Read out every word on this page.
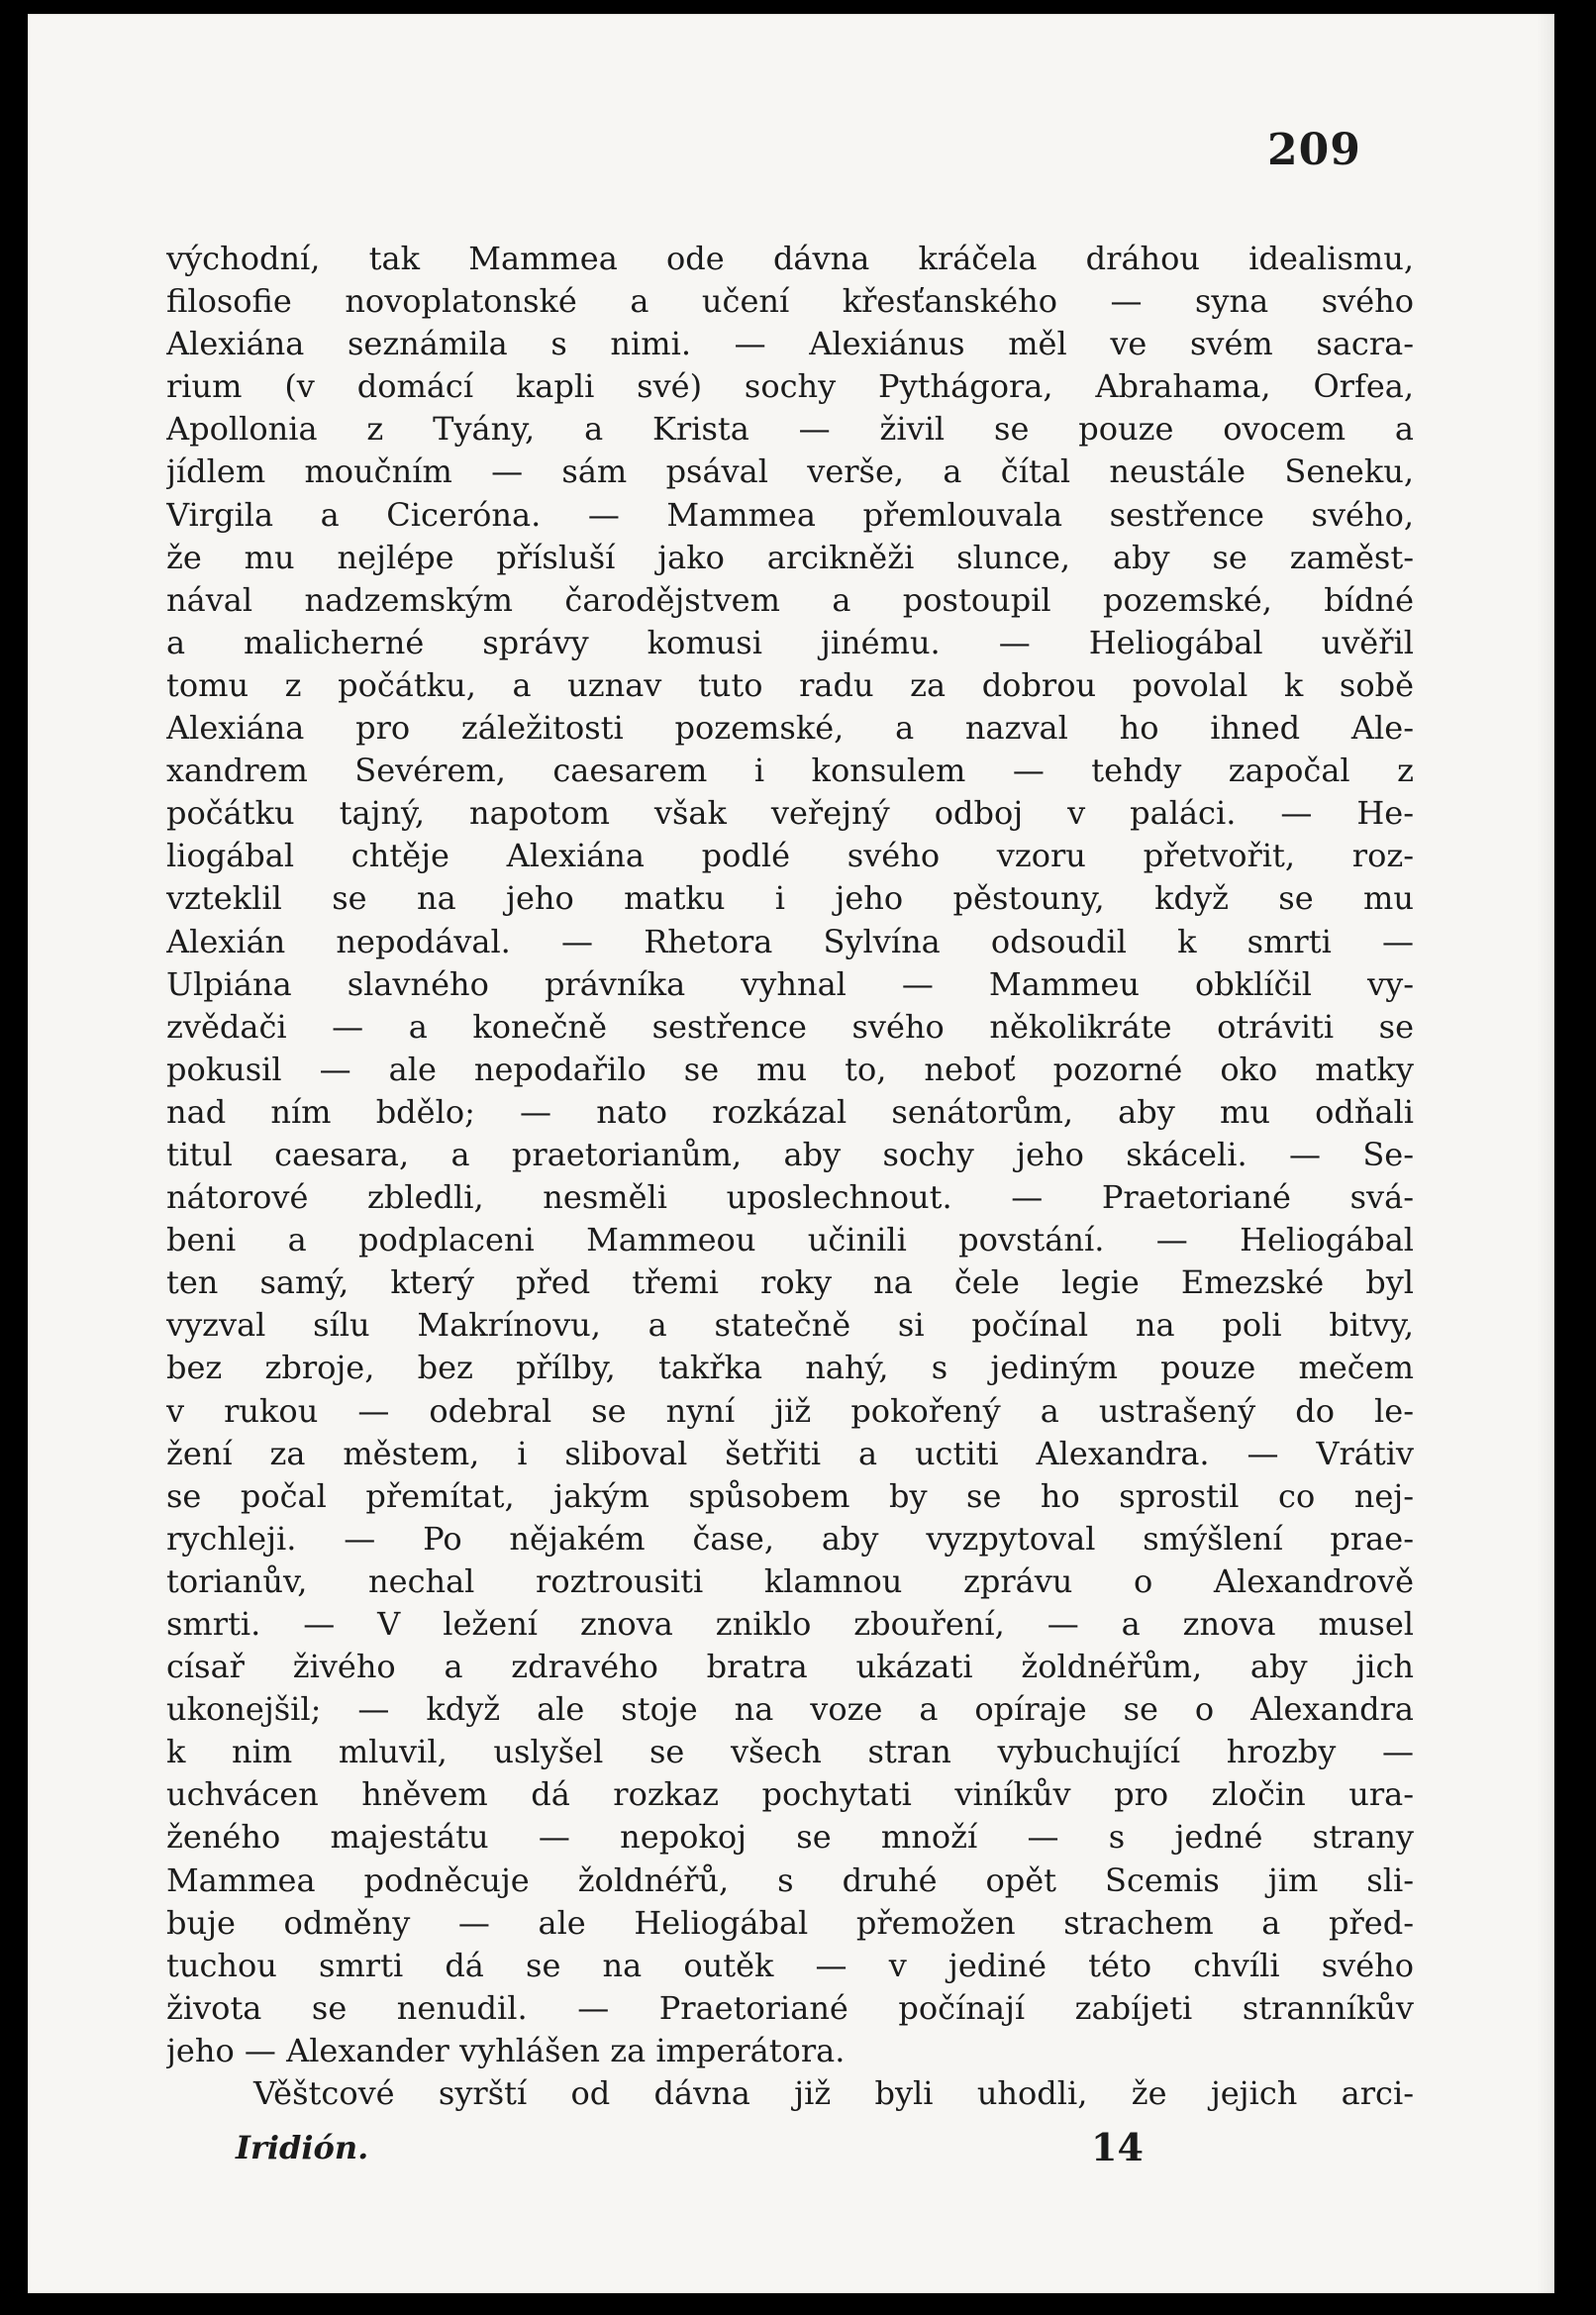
209
východní, tak Mammea ode dávna kráčela dráhou idealismu,
filosofie novoplatonské a učení křesťanského — syna svého
Alexiána seznámila s nimi. — Alexiánus měl ve svém sacra-
rium (v domácí kapli své) sochy Pythágora, Abrahama, Orfea,
Apollonia z Tyány, a Krista — živil se pouze ovocem a
jídlem moučním — sám psával verše, a čítal neustále Seneku,
Virgila a Ciceróna. — Mammea přemlouvala sestřence svého,
že mu nejlépe přísluší jako arcikněži slunce, aby se zaměst-
nával nadzemským čarodějstvem a postoupil pozemské, bídné
a malicherné správy komusi jinému. — Heliogábal uvěřil
tomu z počátku, a uznav tuto radu za dobrou povolal k sobě
Alexiána pro záležitosti pozemské, a nazval ho ihned Ale-
xandrem Sevérem, caesarem i konsulem — tehdy započal z
počátku tajný, napotom však veřejný odboj v paláci. — He-
liogábal chtěje Alexiána podlé svého vzoru přetvořit, roz-
vzteklil se na jeho matku i jeho pěstouny, když se mu
Alexián nepodával. — Rhetora Sylvína odsoudil k smrti —
Ulpiána slavného právníka vyhnal — Mammeu obklíčil vy-
zvědači — a konečně sestřence svého několikráte otráviti se
pokusil — ale nepodařilo se mu to, neboť pozorné oko matky
nad ním bdělo; — nato rozkázal senátorům, aby mu odňali
titul caesara, a praetorianům, aby sochy jeho skáceli. — Se-
nátorové zbledli, nesměli uposlechnout. — Praetoriané svá-
beni a podplaceni Mammeou učinili povstání. — Heliogábal
ten samý, který před třemi roky na čele legie Emezské byl
vyzval sílu Makrínovu, a statečně si počínal na poli bitvy,
bez zbroje, bez přílby, takřka nahý, s jediným pouze mečem
v rukou — odebral se nyní již pokořený a ustrašený do le-
žení za městem, i sliboval šetřiti a uctiti Alexandra. — Vrátiv
se počal přemítat, jakým spůsobem by se ho sprostil co nej-
rychleji. — Po nějakém čase, aby vyzpytoval smýšlení prae-
torianův, nechal roztrousiti klamnou zprávu o Alexandrově
smrti. — V ležení znova zniklo zbouření, — a znova musel
císař živého a zdravého bratra ukázati žoldnéřům, aby jich
ukonejšil; — když ale stoje na voze a opíraje se o Alexandra
k nim mluvil, uslyšel se všech stran vybuchující hrozby —
uchvácen hněvem dá rozkaz pochytati viníkův pro zločin ura-
ženého majestátu — nepokoj se množí — s jedné strany
Mammea podněcuje žoldnéřů, s druhé opět Scemis jim sli-
buje odměny — ale Heliogábal přemožen strachem a před-
tuchou smrti dá se na outěk — v jediné této chvíli svého
života se nenudil. — Praetoriané počínají zabíjeti stranníkův
jeho — Alexander vyhlášen za imperátora.
Věštcové syrští od dávna již byli uhodli, že jejich arci-
Iridión.	14
